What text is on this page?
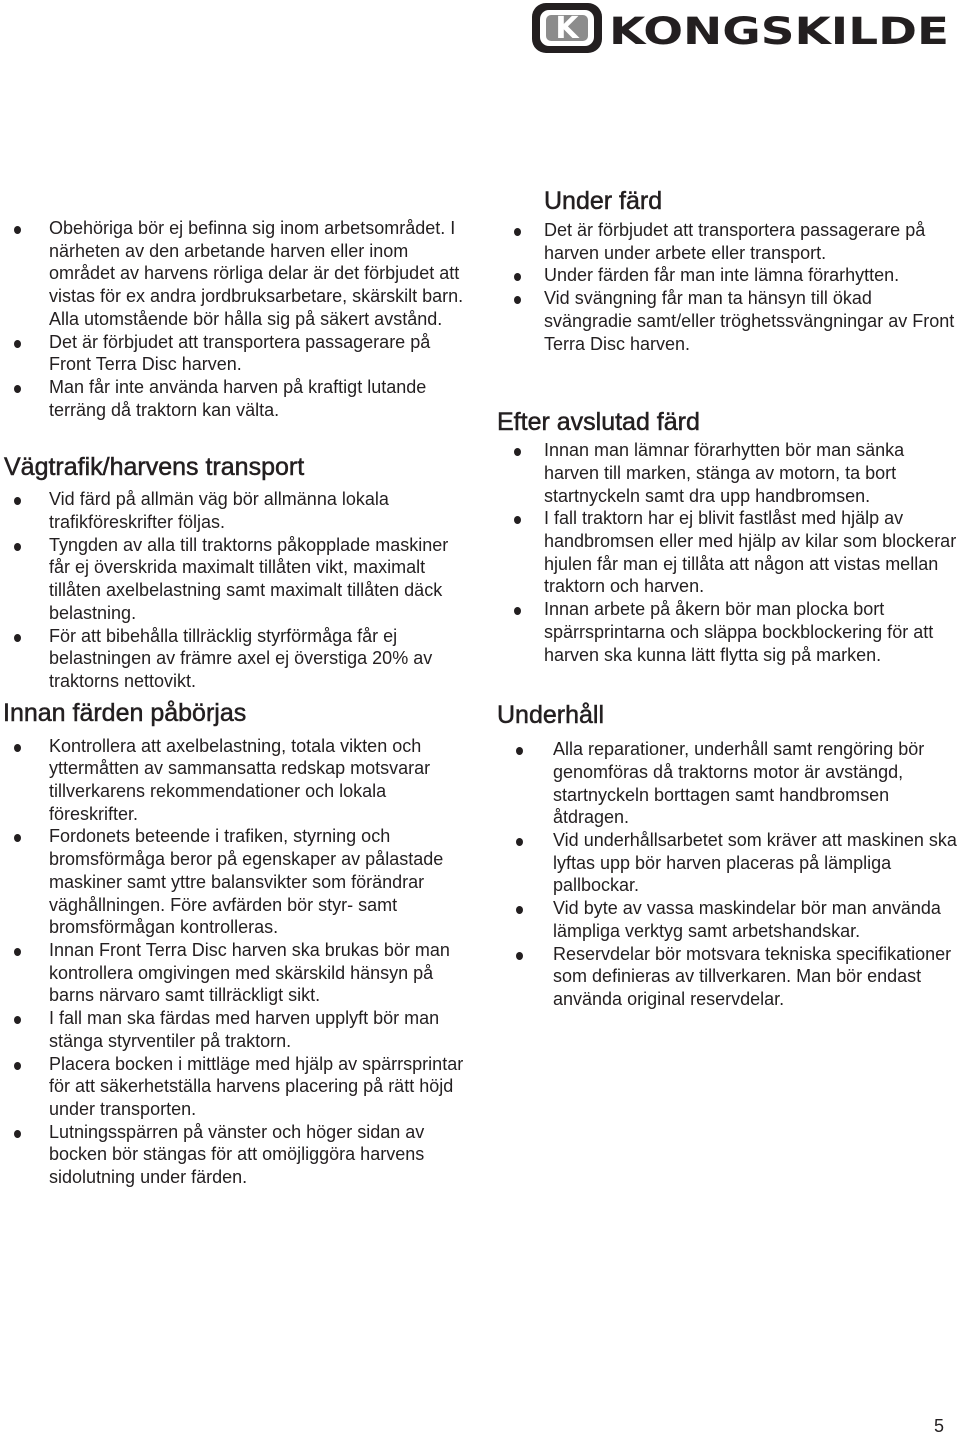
K KONGSKILDE
Obehöriga bör ej befinna sig inom arbetsområdet. I närheten av den arbetande harven eller inom området av harvens rörliga delar är det förbjudet att vistas för ex andra jordbruksarbetare, skärskilt barn. Alla utomstående bör hålla sig på säkert avstånd.
Det är förbjudet att transportera passagerare på Front Terra Disc harven.
Man får inte använda harven på kraftigt lutande terräng då traktorn kan välta.
Vägtrafik/harvens transport
Vid färd på allmän väg bör allmänna lokala trafikföreskrifter följas.
Tyngden av alla till traktorns påkopplade maskiner får ej överskrida maximalt tillåten vikt, maximalt tillåten axelbelastning samt maximalt tillåten däck belastning.
För att bibehålla tillräcklig styrförmåga får ej belastningen av främre axel ej överstiga 20% av traktorns nettovikt.
Innan färden påbörjas
Kontrollera att axelbelastning, totala vikten och yttermåtten av sammansatta redskap motsvarar tillverkarens rekommendationer och lokala föreskrifter.
Fordonets beteende i trafiken, styrning och bromsförmåga beror på egenskaper av pålastade maskiner samt yttre balansvikter som förändrar väghållningen. Före avfärden bör styr- samt bromsförmågan kontrolleras.
Innan Front Terra Disc harven ska brukas bör man kontrollera omgivingen med skärskild hänsyn på barns närvaro samt tillräckligt sikt.
I fall man ska färdas med harven upplyft bör man stänga styrventiler på traktorn.
Placera bocken i mittläge med hjälp av spärrsprintar för att säkerhetställa harvens placering på rätt höjd under transporten.
Lutningsspärren på vänster och höger sidan av bocken bör stängas för att omöjliggöra harvens sidolutning under färden.
Under färd
Det är förbjudet att transportera passagerare på harven under arbete eller transport.
Under färden får man inte lämna förarhytten.
Vid svängning får man ta hänsyn till ökad svängradie samt/eller tröghetssvängningar av Front Terra Disc harven.
Efter avslutad färd
Innan man lämnar förarhytten bör man sänka harven till marken, stänga av motorn, ta bort startnyckeln samt dra upp handbromsen.
I fall traktorn har ej blivit fastlåst med hjälp av handbromsen eller med hjälp av kilar som blockerar hjulen får man ej tillåta att någon att vistas mellan traktorn och harven.
Innan arbete på åkern bör man plocka bort spärrsprintarna och släppa bockblockering för att harven ska kunna lätt flytta sig på marken.
Underhåll
Alla reparationer, underhåll samt rengöring bör genomföras då traktorns motor är avstängd, startnyckeln borttagen samt handbromsen åtdragen.
Vid underhållsarbetet som kräver att maskinen ska lyftas upp bör harven placeras på lämpliga pallbockar.
Vid byte av vassa maskindelar bör man använda lämpliga verktyg samt arbetshandskar.
Reservdelar bör motsvara tekniska specifikationer som definieras av tillverkaren. Man bör endast använda original reservdelar.
5
